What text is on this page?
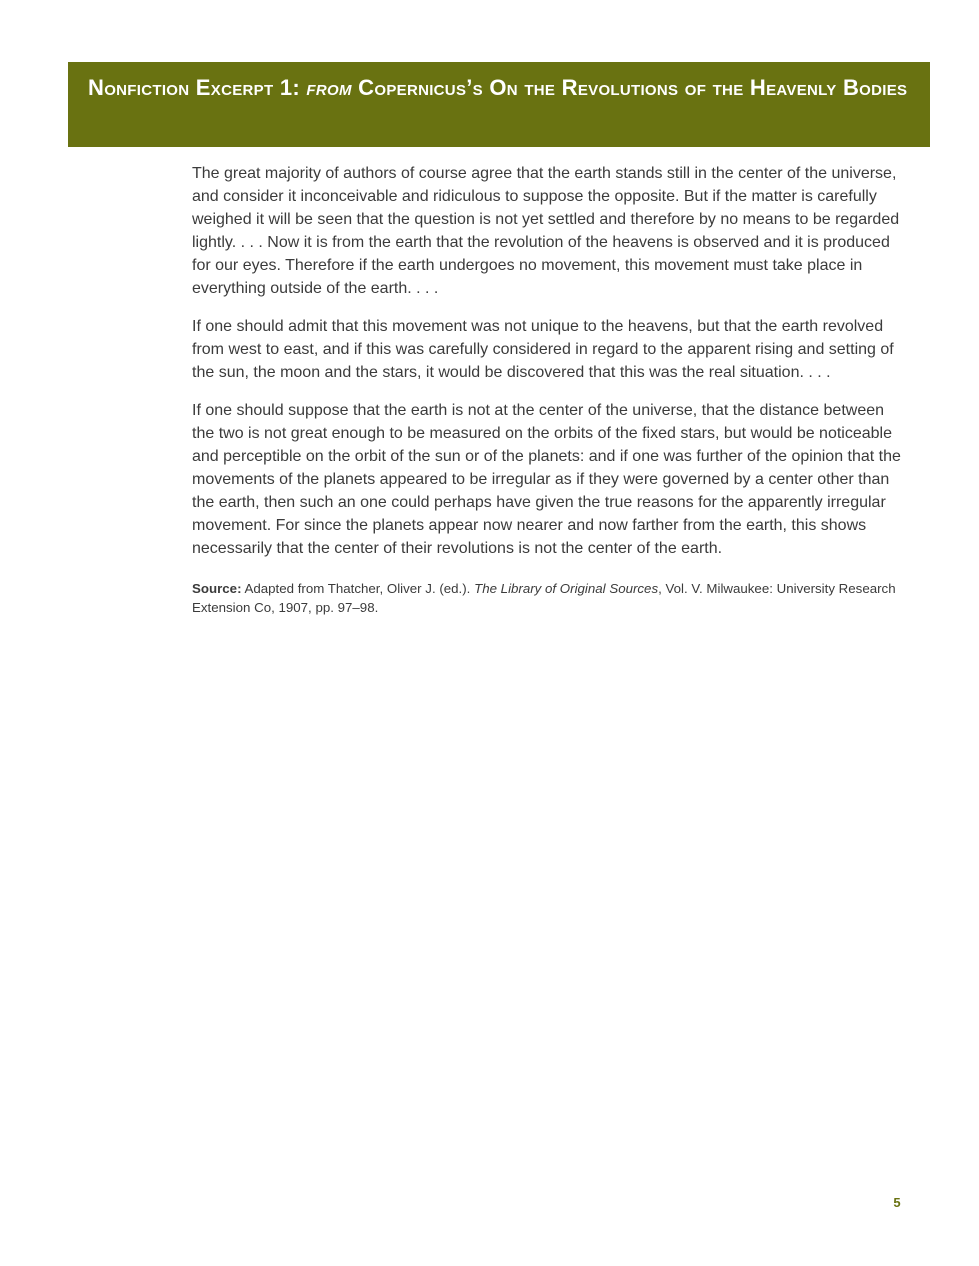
Nonfiction Excerpt 1: from Copernicus’s On the Revolutions of the Heavenly Bodies

The great majority of authors of course agree that the earth stands still in the center of the universe, and consider it inconceivable and ridiculous to suppose the opposite. But if the matter is carefully weighed it will be seen that the question is not yet settled and therefore by no means to be regarded lightly. . . . Now it is from the earth that the revolution of the heavens is observed and it is produced for our eyes. Therefore if the earth undergoes no movement, this movement must take place in everything outside of the earth. . . .

If one should admit that this movement was not unique to the heavens, but that the earth revolved from west to east, and if this was carefully considered in regard to the apparent rising and setting of the sun, the moon and the stars, it would be discovered that this was the real situation. . . .

If one should suppose that the earth is not at the center of the universe, that the distance between the two is not great enough to be measured on the orbits of the fixed stars, but would be noticeable and perceptible on the orbit of the sun or of the planets: and if one was further of the opinion that the movements of the planets appeared to be irregular as if they were governed by a center other than the earth, then such an one could perhaps have given the true reasons for the apparently irregular movement. For since the planets appear now nearer and now farther from the earth, this shows necessarily that the center of their revolutions is not the center of the earth.

Source: Adapted from Thatcher, Oliver J. (ed.). The Library of Original Sources, Vol. V. Milwaukee: University Research Extension Co, 1907, pp. 97–98.

5
